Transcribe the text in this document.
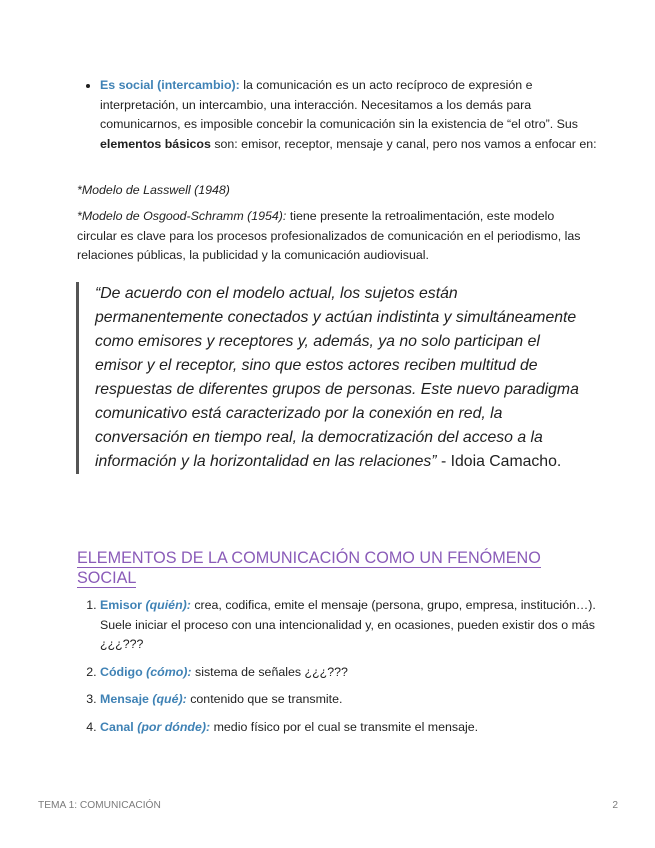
• Es social (intercambio): la comunicación es un acto recíproco de expresión e interpretación, un intercambio, una interacción. Necesitamos a los demás para comunicarnos, es imposible concebir la comunicación sin la existencia de “el otro”. Sus elementos básicos son: emisor, receptor, mensaje y canal, pero nos vamos a enfocar en:

*Modelo de Lasswell (1948)

*Modelo de Osgood-Schramm (1954): tiene presente la retroalimentación, este modelo circular es clave para los procesos profesionalizados de comunicación en el periodismo, las relaciones públicas, la publicidad y la comunicación audiovisual.

“De acuerdo con el modelo actual, los sujetos están permanentemente conectados y actúan indistinta y simultáneamente como emisores y receptores y, además, ya no solo participan el emisor y el receptor, sino que estos actores reciben multitud de respuestas de diferentes grupos de personas. Este nuevo paradigma comunicativo está caracterizado por la conexión en red, la conversación en tiempo real, la democratización del acceso a la información y la horizontalidad en las relaciones” - Idoia Camacho.
ELEMENTOS DE LA COMUNICACIÓN COMO UN FENÓMENO SOCIAL
1. Emisor (quién): crea, codifica, emite el mensaje (persona, grupo, empresa, institución…). Suele iniciar el proceso con una intencionalidad y, en ocasiones, pueden existir dos o más ¿¿¿???
2. Código (cómo): sistema de señales ¿¿¿???
3. Mensaje (qué): contenido que se transmite.
4. Canal (por dónde): medio físico por el cual se transmite el mensaje.
TEMA 1: COMUNICACIÓN	2
